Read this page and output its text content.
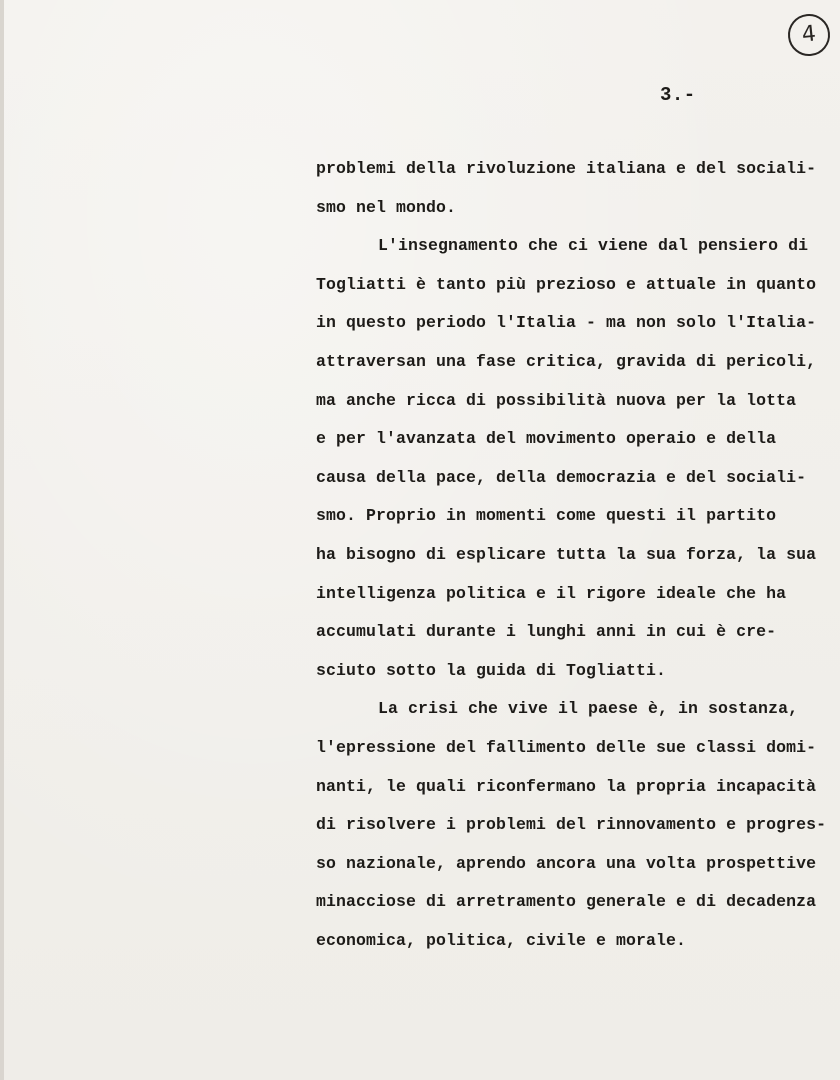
4
3.-
problemi della rivoluzione italiana e del sociali-
smo nel mondo.
L'insegnamento che ci viene dal pensiero di
Togliatti è tanto più prezioso e attuale in quanto
in questo periodo l'Italia - ma non solo l'Italia-
attraversan una fase critica, gravida di pericoli,
ma anche ricca di possibilità nuova per la lotta
e per l'avanzata del movimento operaio e della
causa della pace, della democrazia e del sociali-
smo. Proprio in momenti come questi il partito
ha bisogno di esplicare tutta la sua forza, la sua
intelligenza politica e il rigore ideale che ha
accumulati durante i lunghi anni in cui è cre-
sciuto sotto la guida di Togliatti.
La crisi che vive il paese è, in sostanza,
l'epressione del fallimento delle sue classi domi-
nanti, le quali riconfermano la propria incapacità
di risolvere i problemi del rinnovamento e progres-
so nazionale, aprendo ancora una volta prospettive
minacciose di arretramento generale e di decadenza
economica, politica, civile e morale.
